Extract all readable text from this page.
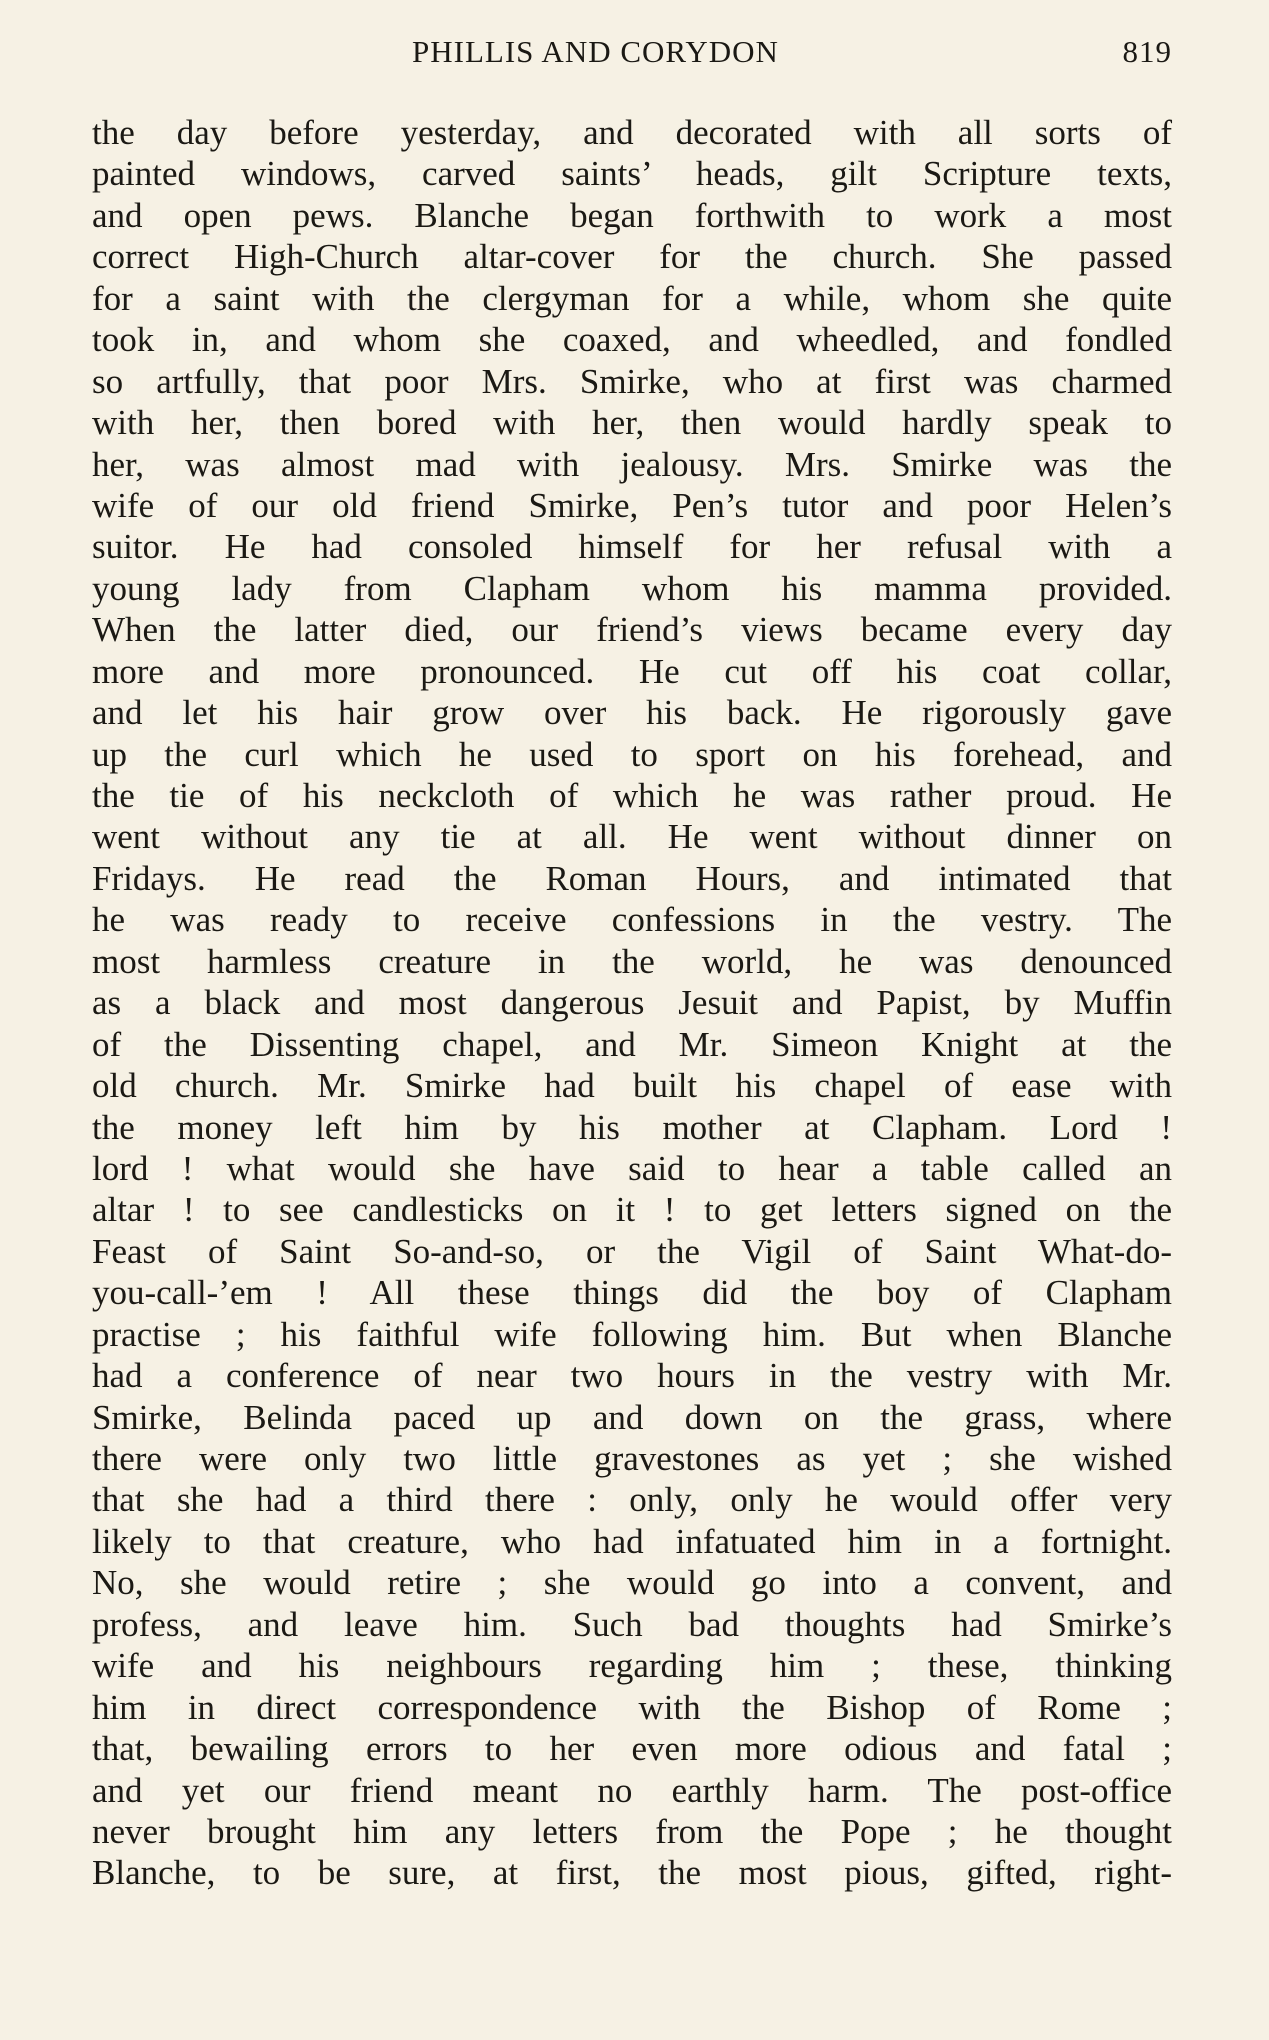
PHILLIS AND CORYDON	819
the day before yesterday, and decorated with all sorts of
painted windows, carved saints’ heads, gilt Scripture texts,
and open pews. Blanche began forthwith to work a most
correct High-Church altar-cover for the church. She passed
for a saint with the clergyman for a while, whom she quite
took in, and whom she coaxed, and wheedled, and fondled
so artfully, that poor Mrs. Smirke, who at first was charmed
with her, then bored with her, then would hardly speak to
her, was almost mad with jealousy. Mrs. Smirke was the
wife of our old friend Smirke, Pen’s tutor and poor Helen’s
suitor. He had consoled himself for her refusal with a
young lady from Clapham whom his mamma provided.
When the latter died, our friend’s views became every day
more and more pronounced. He cut off his coat collar,
and let his hair grow over his back. He rigorously gave
up the curl which he used to sport on his forehead, and
the tie of his neckcloth of which he was rather proud. He
went without any tie at all. He went without dinner on
Fridays. He read the Roman Hours, and intimated that
he was ready to receive confessions in the vestry. The
most harmless creature in the world, he was denounced
as a black and most dangerous Jesuit and Papist, by Muffin
of the Dissenting chapel, and Mr. Simeon Knight at the
old church. Mr. Smirke had built his chapel of ease with
the money left him by his mother at Clapham. Lord !
lord ! what would she have said to hear a table called an
altar ! to see candlesticks on it ! to get letters signed on the
Feast of Saint So-and-so, or the Vigil of Saint What-do-
you-call-’em ! All these things did the boy of Clapham
practise ; his faithful wife following him. But when Blanche
had a conference of near two hours in the vestry with Mr.
Smirke, Belinda paced up and down on the grass, where
there were only two little gravestones as yet ; she wished
that she had a third there : only, only he would offer very
likely to that creature, who had infatuated him in a fortnight.
No, she would retire ; she would go into a convent, and
profess, and leave him. Such bad thoughts had Smirke’s
wife and his neighbours regarding him ; these, thinking
him in direct correspondence with the Bishop of Rome ;
that, bewailing errors to her even more odious and fatal ;
and yet our friend meant no earthly harm. The post-office
never brought him any letters from the Pope ; he thought
Blanche, to be sure, at first, the most pious, gifted, right-
